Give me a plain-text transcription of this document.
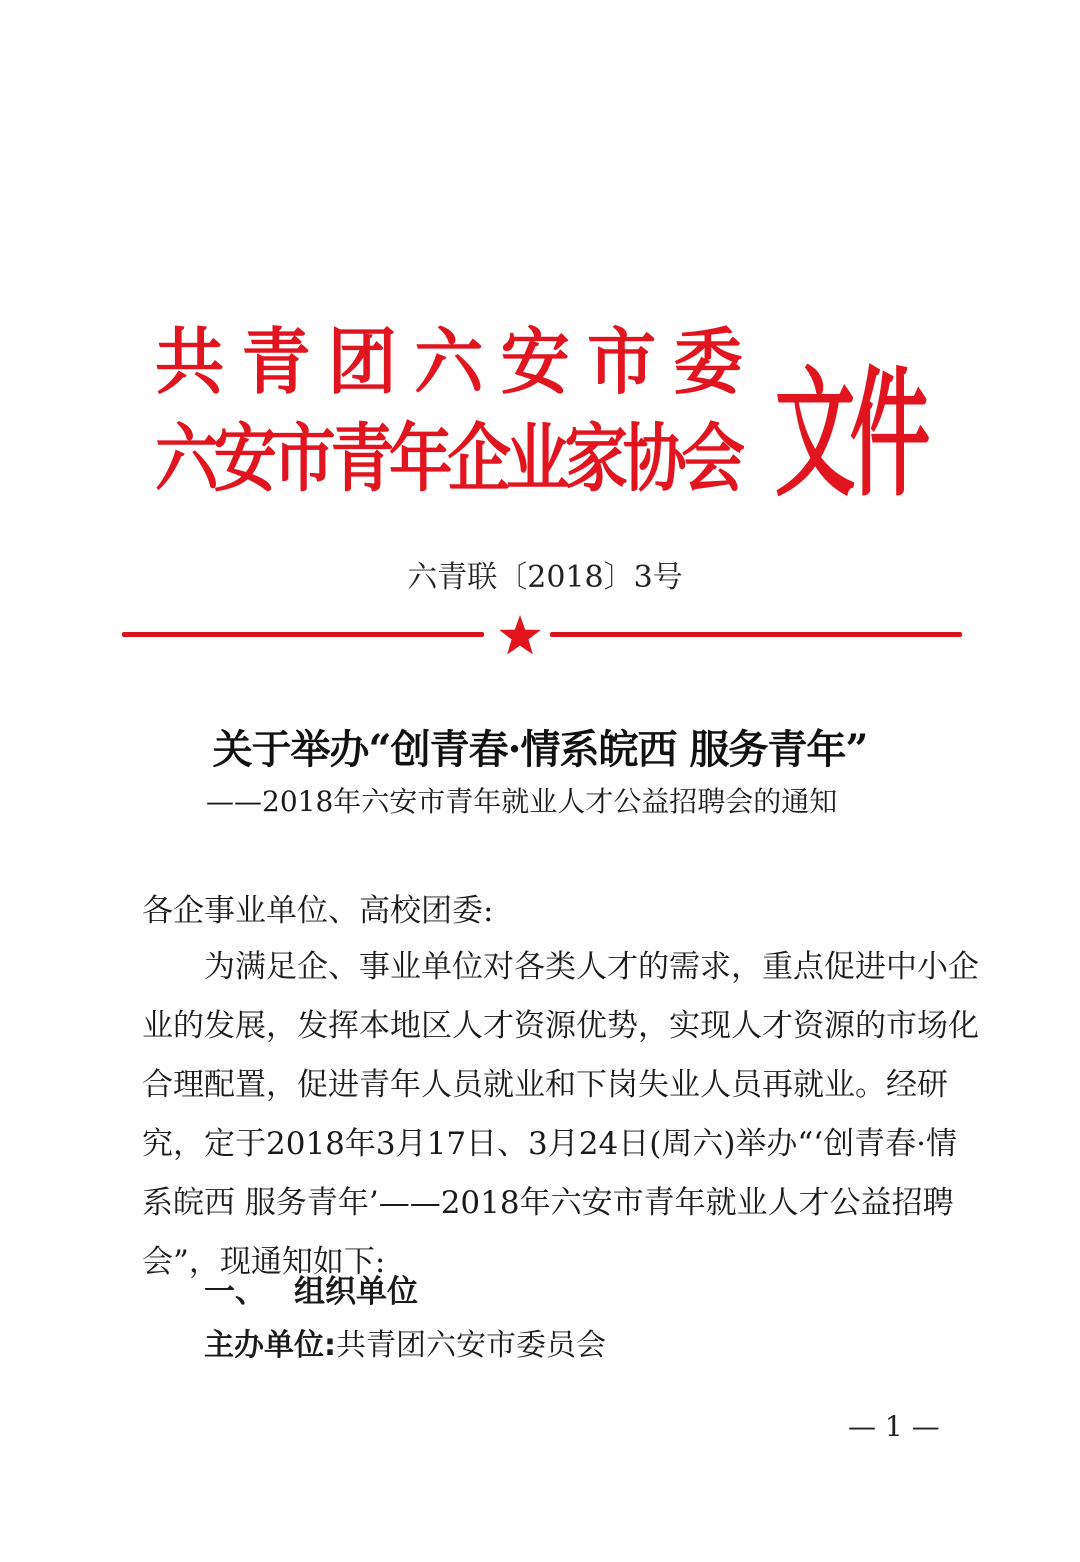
共青团六安市委
六安市青年企业家协会 文件
六青联〔2018〕3号
关于举办“创青春·情系皖西 服务青年”
——2018年六安市青年就业人才公益招聘会的通知
各企事业单位、高校团委:
为满足企、事业单位对各类人才的需求，重点促进中小企
业的发展，发挥本地区人才资源优势，实现人才资源的市场化
合理配置，促进青年人员就业和下岗失业人员再就业。经研
究，定于2018年3月17日、3月24日(周六)举办“‘创青春·情
系皖西 服务青年’——2018年六安市青年就业人才公益招聘
会”，现通知如下:
一、 组织单位
主办单位:共青团六安市委员会
— 1 —
